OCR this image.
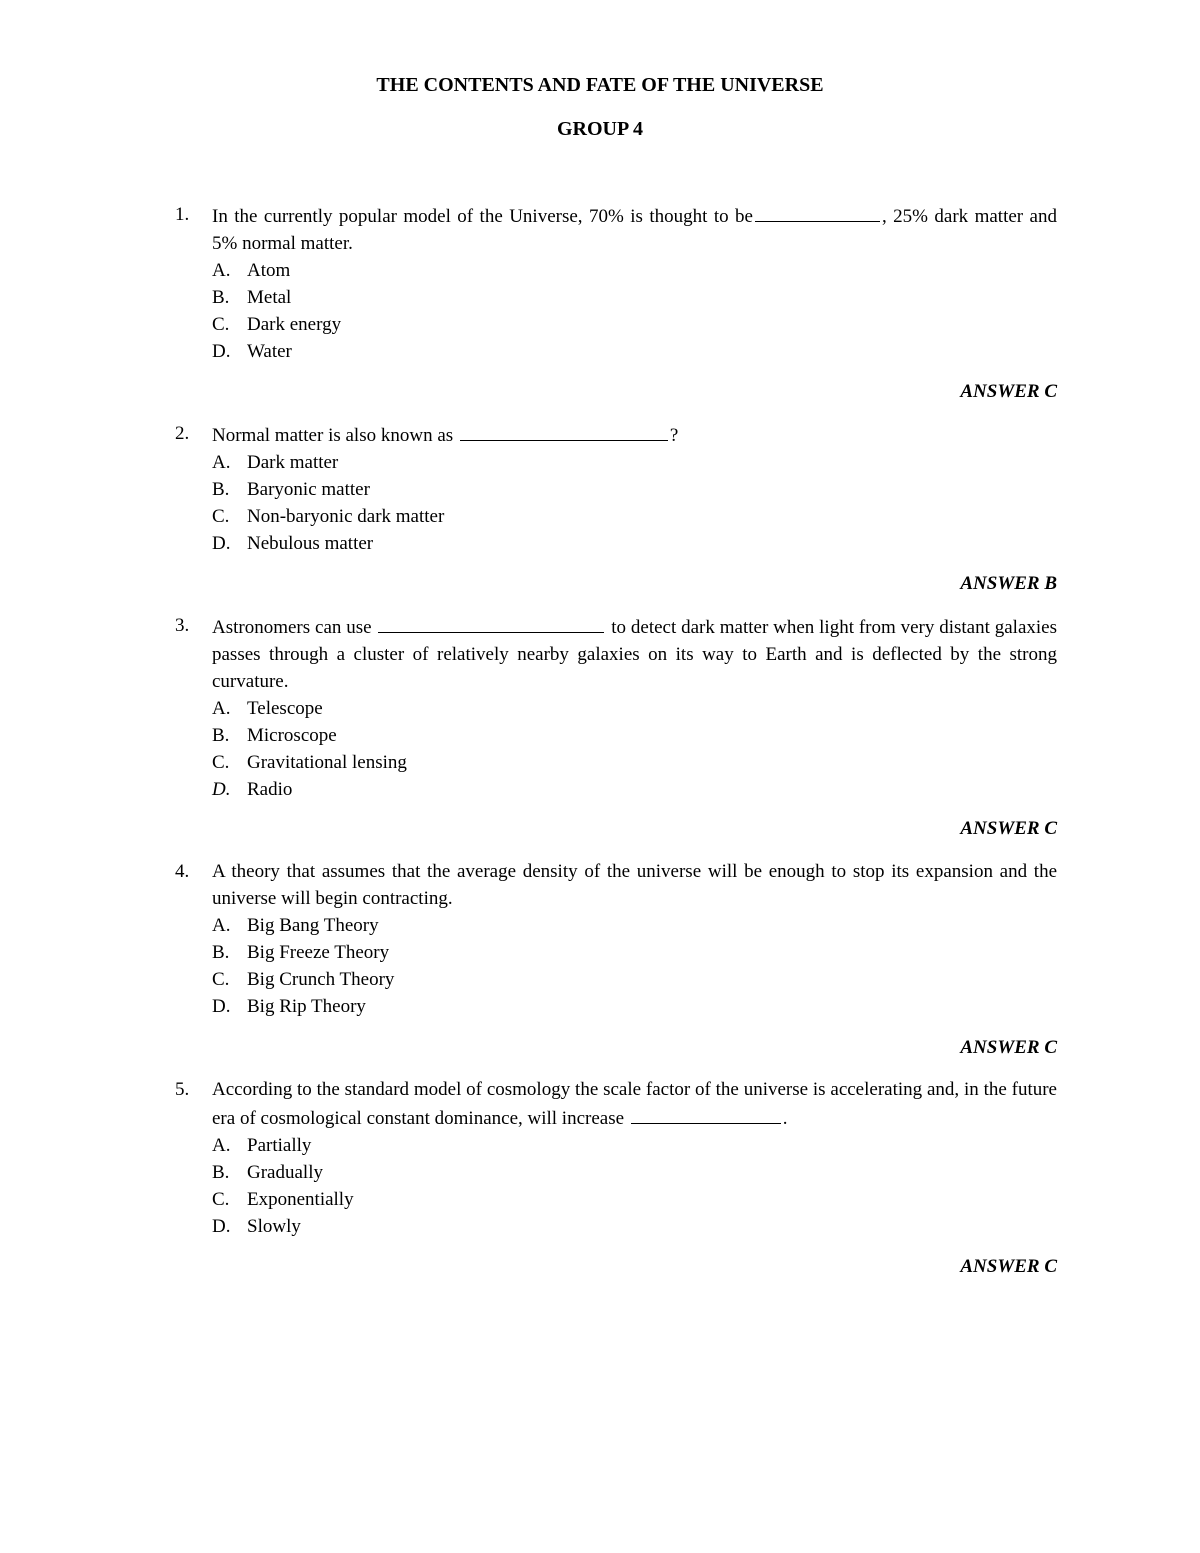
THE CONTENTS AND FATE OF THE UNIVERSE
GROUP 4
1. In the currently popular model of the Universe, 70% is thought to be	, 25% dark matter and 5% normal matter.
A. Atom
B. Metal
C. Dark energy
D. Water
ANSWER C
2. Normal matter is also known as	?
A. Dark matter
B. Baryonic matter
C. Non-baryonic dark matter
D. Nebulous matter
ANSWER B
3. Astronomers can use	to detect dark matter when light from very distant galaxies passes through a cluster of relatively nearby galaxies on its way to Earth and is deflected by the strong curvature.
A. Telescope
B. Microscope
C. Gravitational lensing
D. Radio
ANSWER C
4. A theory that assumes that the average density of the universe will be enough to stop its expansion and the universe will begin contracting.
A. Big Bang Theory
B. Big Freeze Theory
C. Big Crunch Theory
D. Big Rip Theory
ANSWER C
5. According to the standard model of cosmology the scale factor of the universe is accelerating and, in the future era of cosmological constant dominance, will increase	.
A. Partially
B. Gradually
C. Exponentially
D. Slowly
ANSWER C
